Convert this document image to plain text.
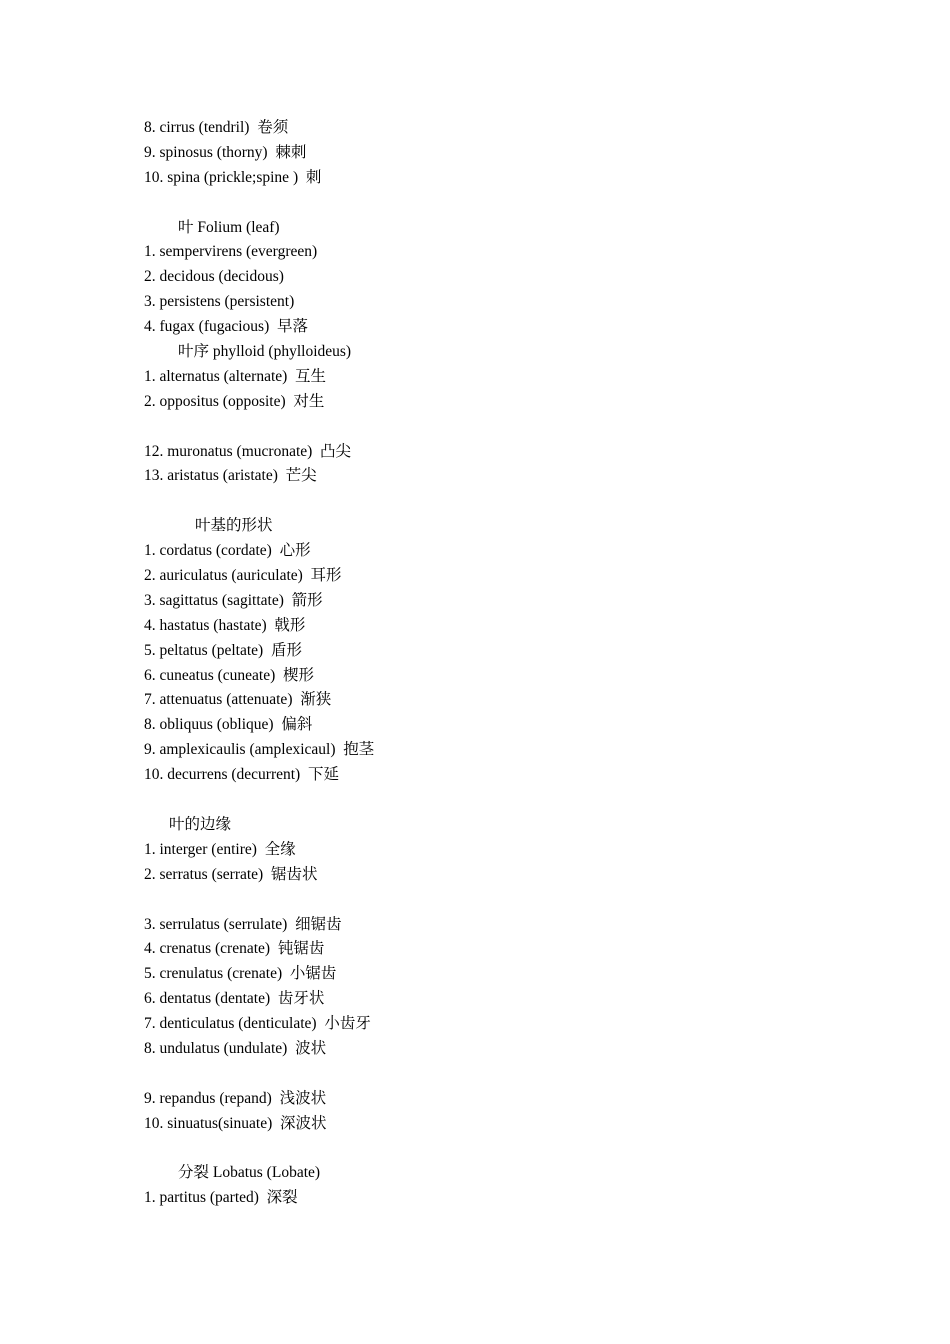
8. cirrus (tendril)  卷须
9. spinosus (thorny)  棘刺
10. spina (prickle;spine )  刺
叶 Folium (leaf)
1. sempervirens (evergreen)
2. decidous (decidous)
3. persistens (persistent)
4. fugax (fugacious)  早落
叶序 phylloid (phylloideus)
1. alternatus (alternate)  互生
2. oppositus (opposite)  对生
12. muronatus (mucronate)  凸尖
13. aristatus (aristate)  芒尖
叶基的形状
1. cordatus (cordate)  心形
2. auriculatus (auriculate)  耳形
3. sagittatus (sagittate)  箭形
4. hastatus (hastate)  戟形
5. peltatus (peltate)  盾形
6. cuneatus (cuneate)  楔形
7. attenuatus (attenuate)  渐狭
8. obliquus (oblique)  偏斜
9. amplexicaulis (amplexicaul)  抱茎
10. decurrens (decurrent)  下延
叶的边缘
1. interger (entire)  全缘
2. serratus (serrate)  锯齿状
3. serrulatus (serrulate)  细锯齿
4. crenatus (crenate)  钝锯齿
5. crenulatus (crenate)  小锯齿
6. dentatus (dentate)  齿牙状
7. denticulatus (denticulate)  小齿牙
8. undulatus (undulate)  波状
9. repandus (repand)  浅波状
10. sinuatus(sinuate)  深波状
分裂 Lobatus (Lobate)
1. partitus (parted)  深裂
